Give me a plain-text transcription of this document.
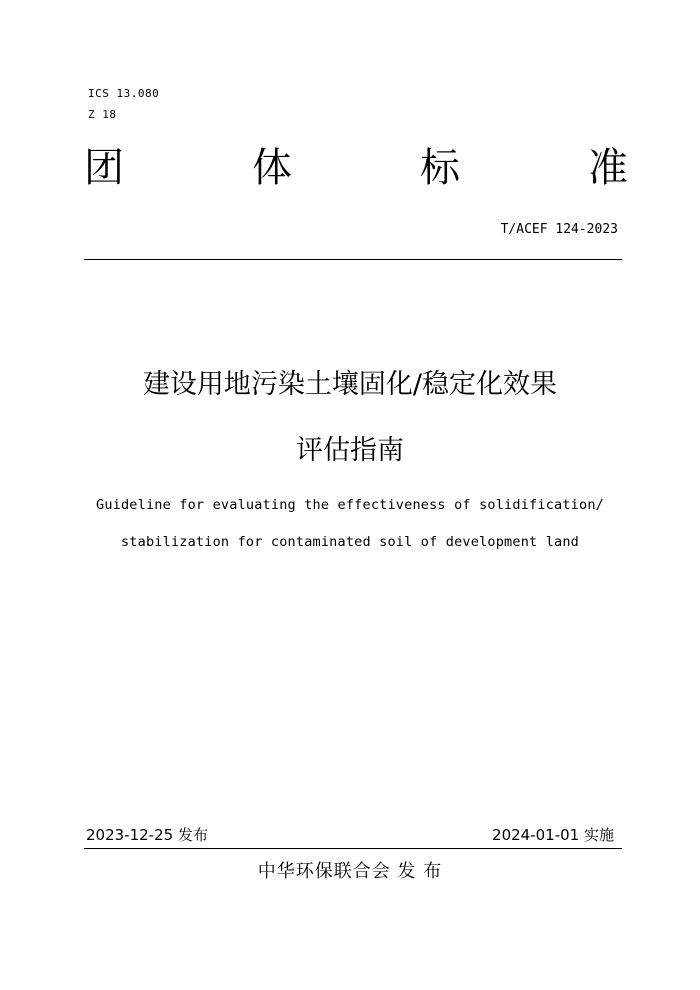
ICS 13.080
Z 18
团	体	标	准
T/ACEF 124-2023
建设用地污染土壤固化/稳定化效果
评估指南
Guideline for evaluating the effectiveness of solidification/
stabilization for contaminated soil of development land
2023-12-25 发布	2024-01-01 实施
中华环保联合会 发 布
